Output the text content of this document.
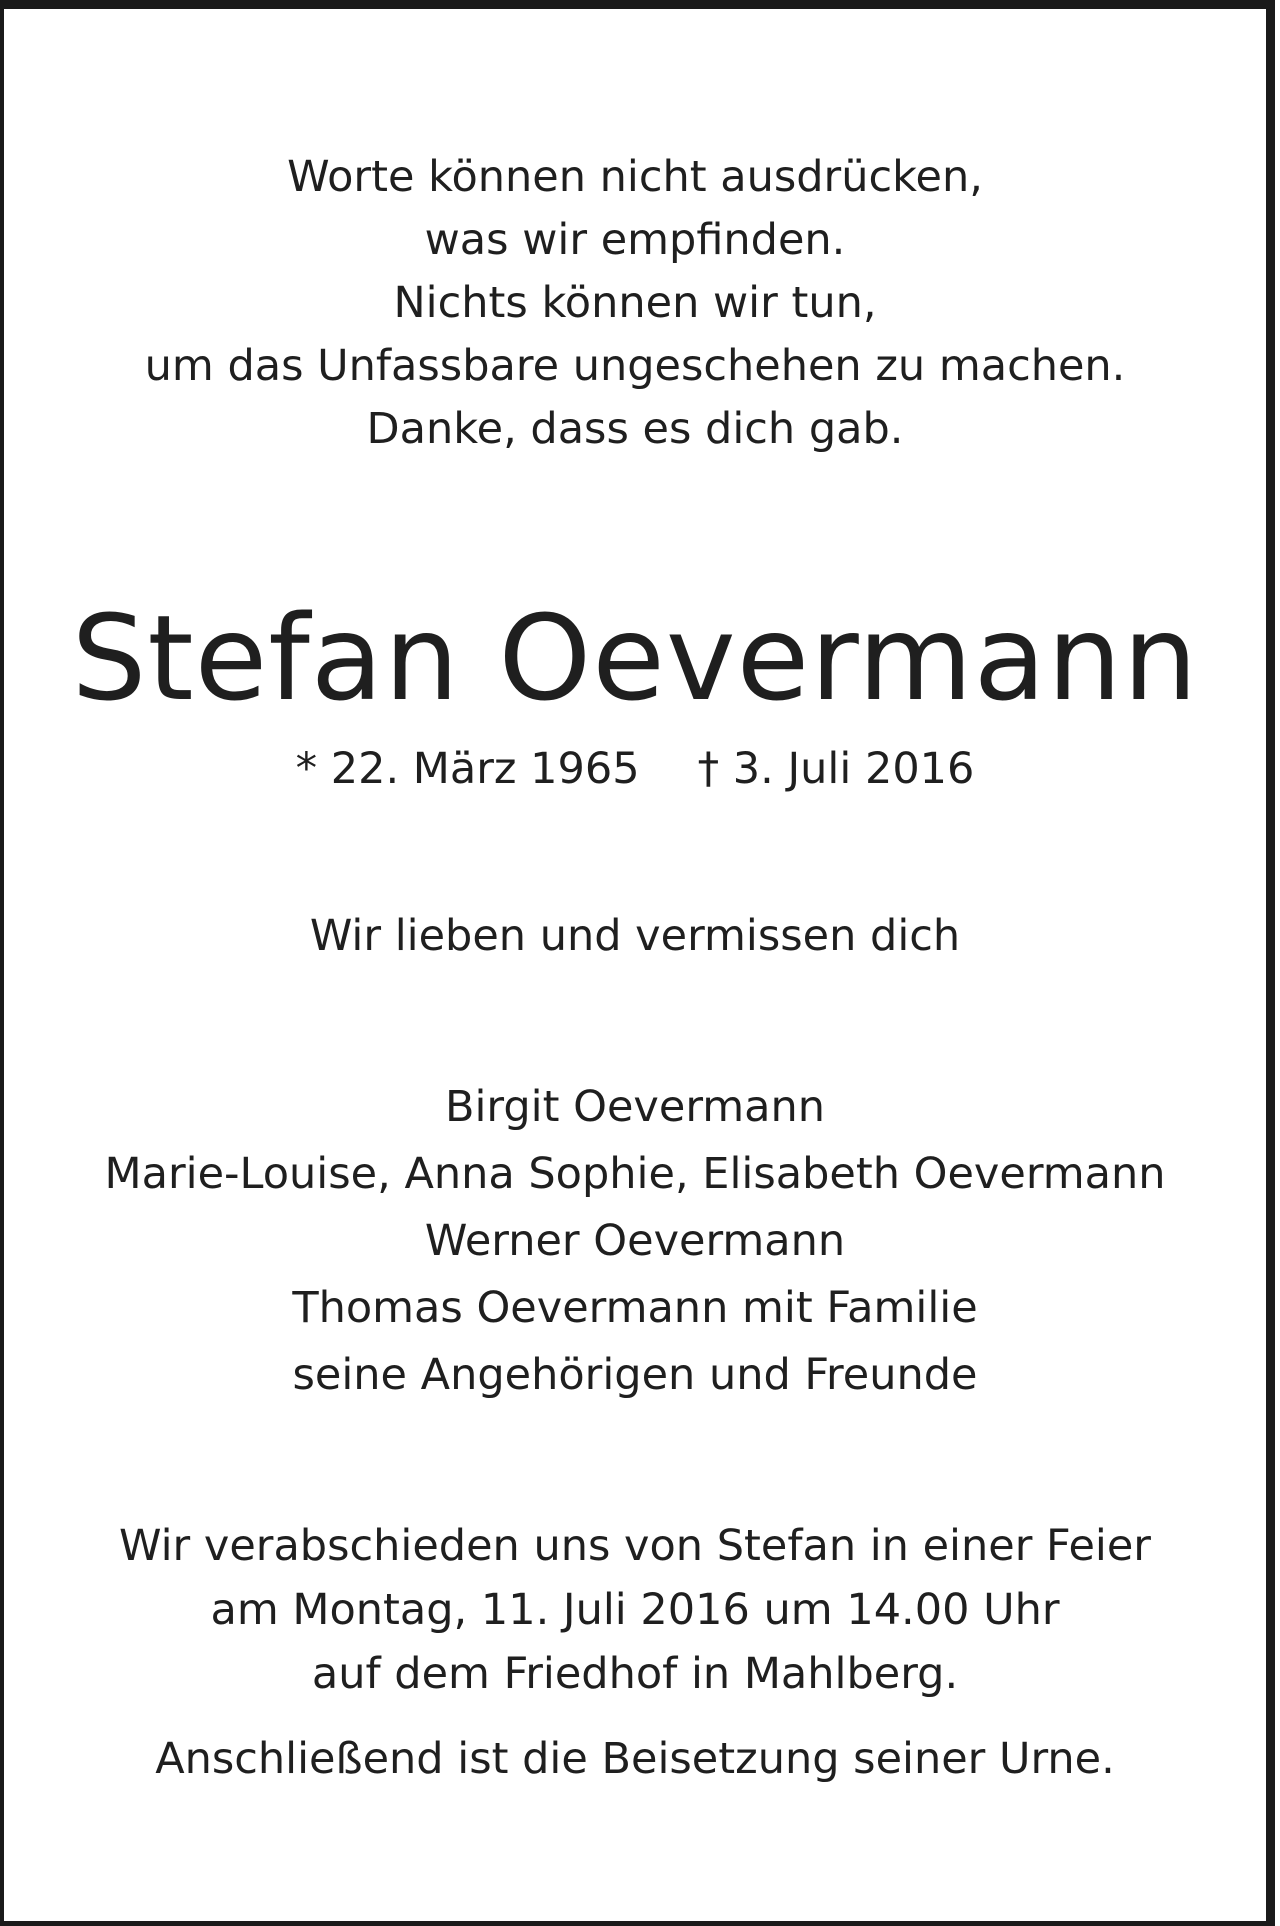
Worte können nicht ausdrücken,
was wir empfinden.
Nichts können wir tun,
um das Unfassbare ungeschehen zu machen.
Danke, dass es dich gab.
Stefan Oevermann
* 22. März 1965 † 3. Juli 2016
Wir lieben und vermissen dich
Birgit Oevermann
Marie-Louise, Anna Sophie, Elisabeth Oevermann
Werner Oevermann
Thomas Oevermann mit Familie
seine Angehörigen und Freunde
Wir verabschieden uns von Stefan in einer Feier
am Montag, 11. Juli 2016 um 14.00 Uhr
auf dem Friedhof in Mahlberg.
Anschließend ist die Beisetzung seiner Urne.
